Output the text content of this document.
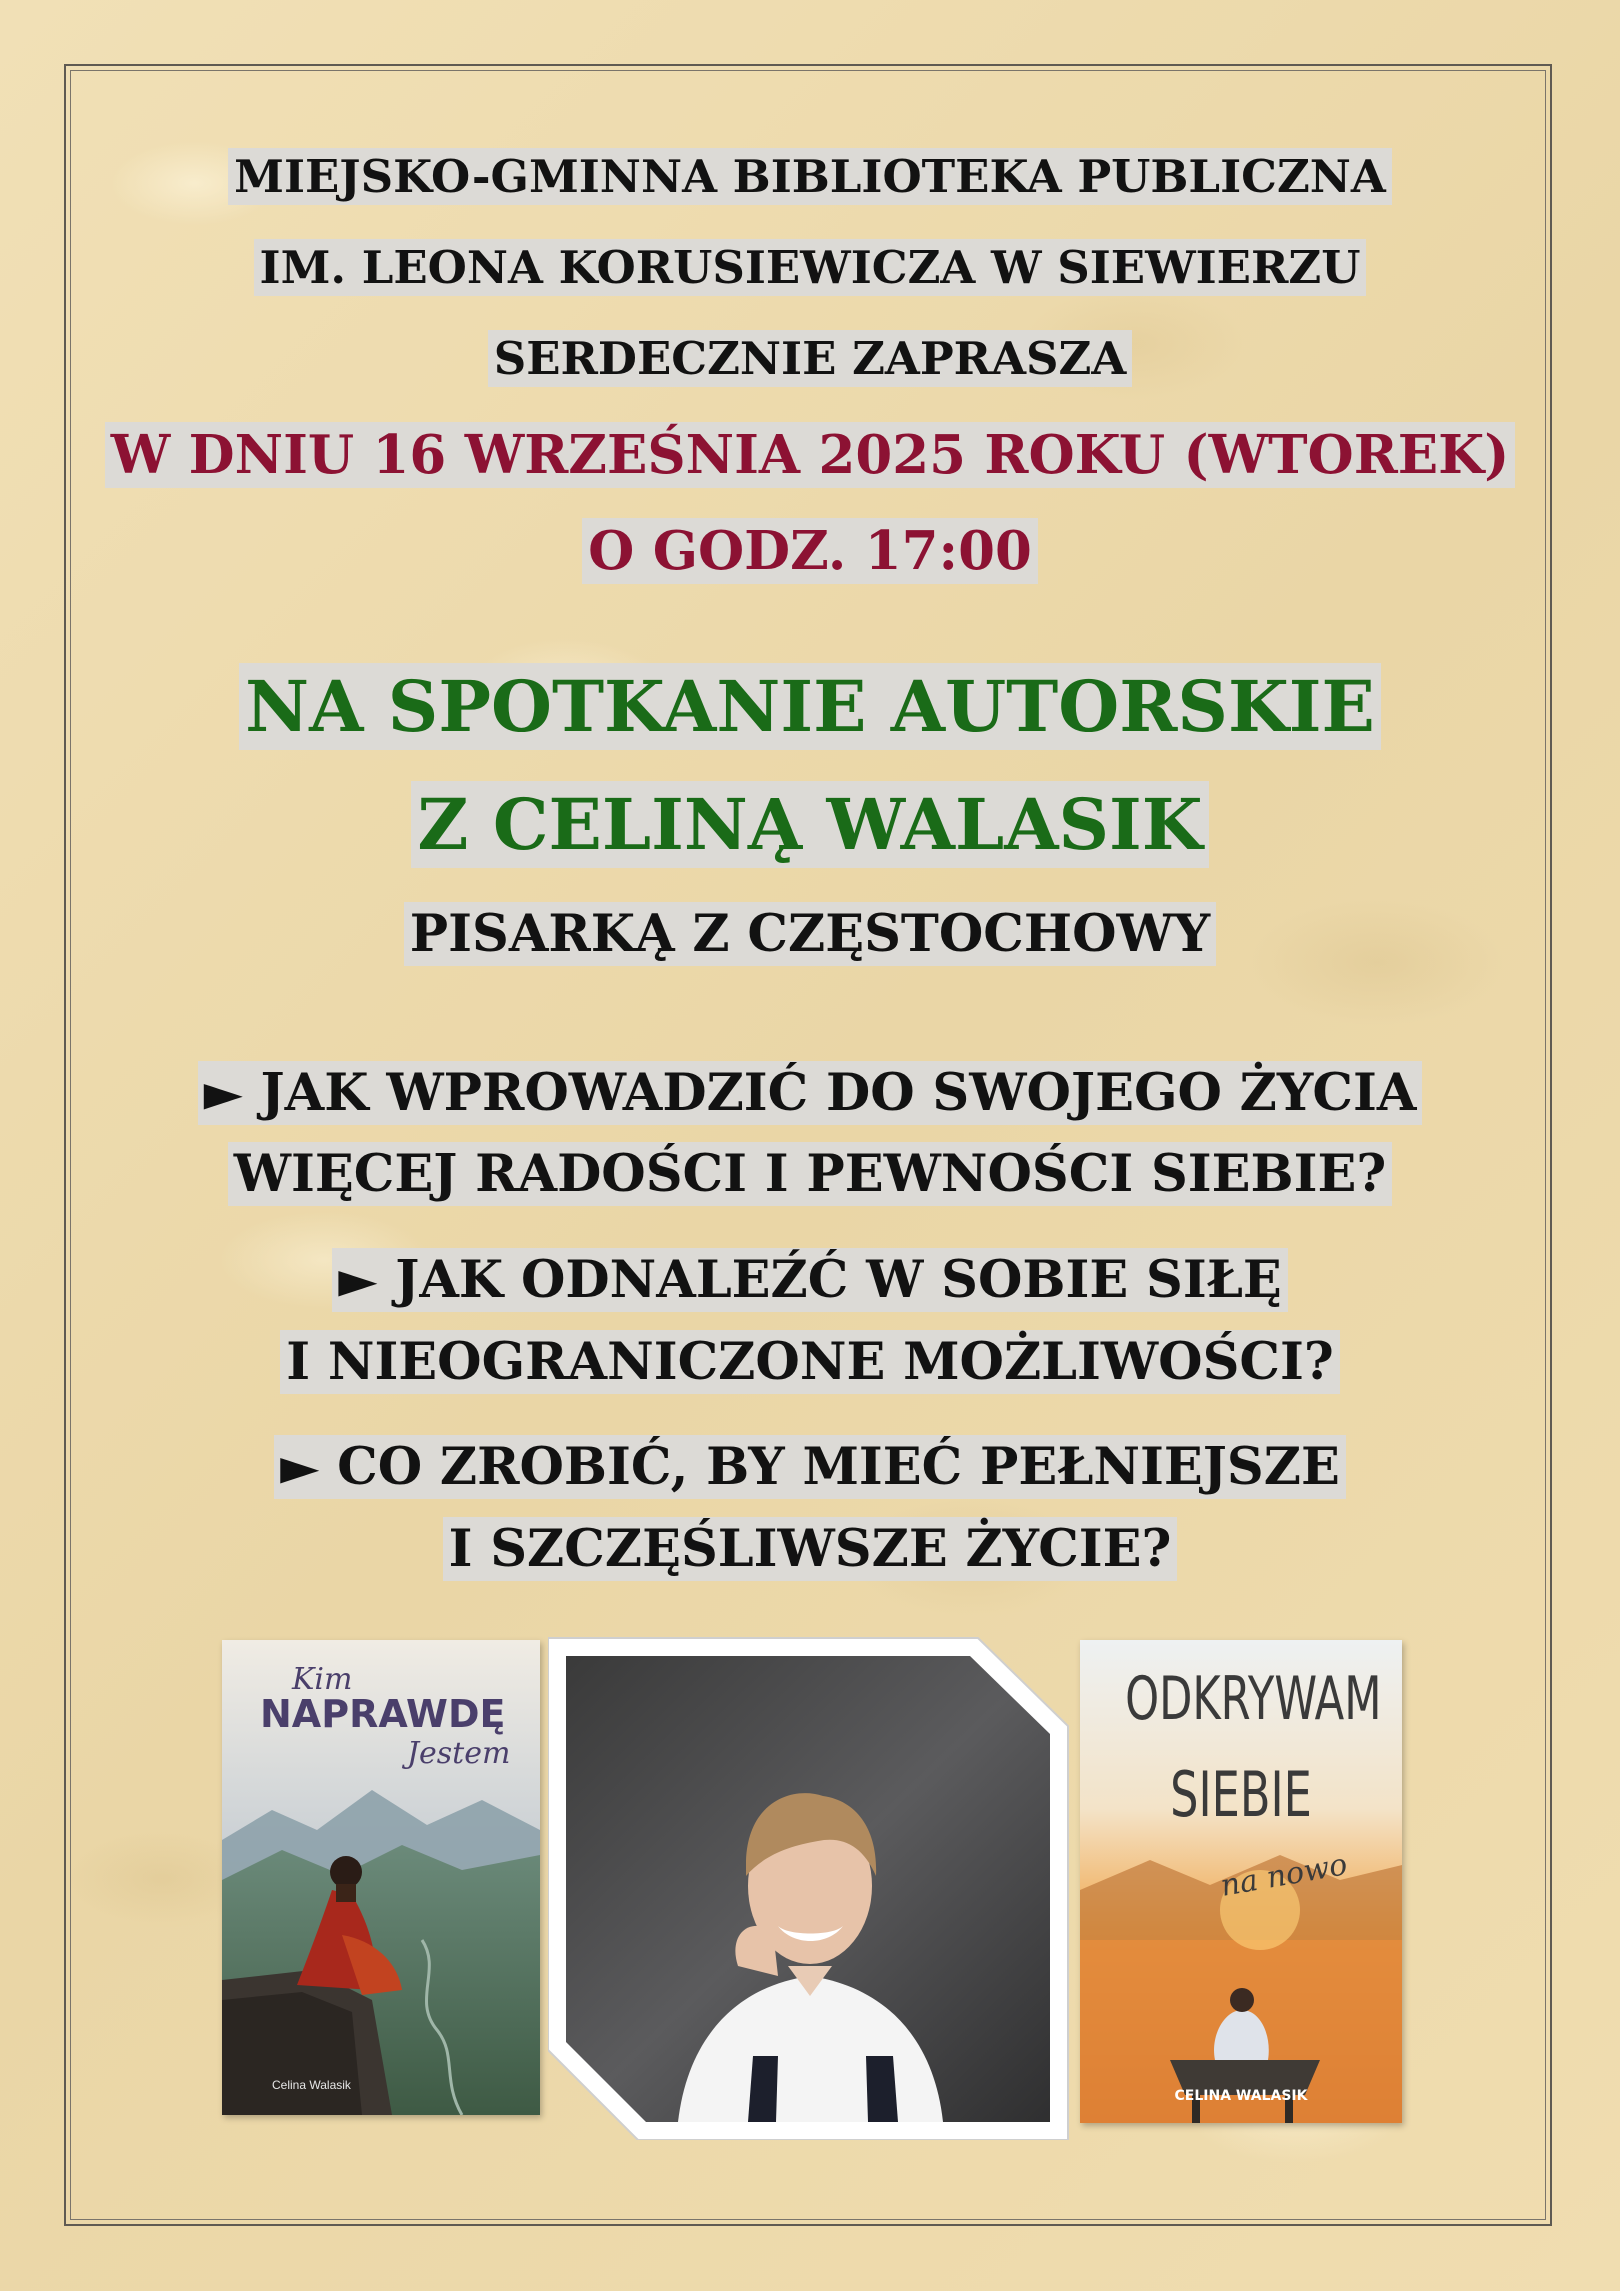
MIEJSKO-GMINNA BIBLIOTEKA PUBLICZNA
IM. LEONA KORUSIEWICZA W SIEWIERZU
SERDECZNIE ZAPRASZA
W DNIU 16 WRZEŚNIA 2025 ROKU (WTOREK)
O GODZ. 17:00
NA SPOTKANIE AUTORSKIE
Z CELINĄ WALASIK
PISARKĄ Z CZĘSTOCHOWY
► JAK WPROWADZIĆ DO SWOJEGO ŻYCIA
WIĘCEJ RADOŚCI I PEWNOŚCI SIEBIE?
► JAK ODNALEŹĆ W SOBIE SIŁĘ
I NIEOGRANICZONE MOŻLIWOŚCI?
► CO ZROBIĆ, BY MIEĆ PEŁNIEJSZE
I SZCZĘŚLIWSZE ŻYCIE?
Kim
NAPRAWDĘ
Jestem
Celina Walasik
ODKRYWAM
SIEBIE
na nowo
CELINA WALASIK
